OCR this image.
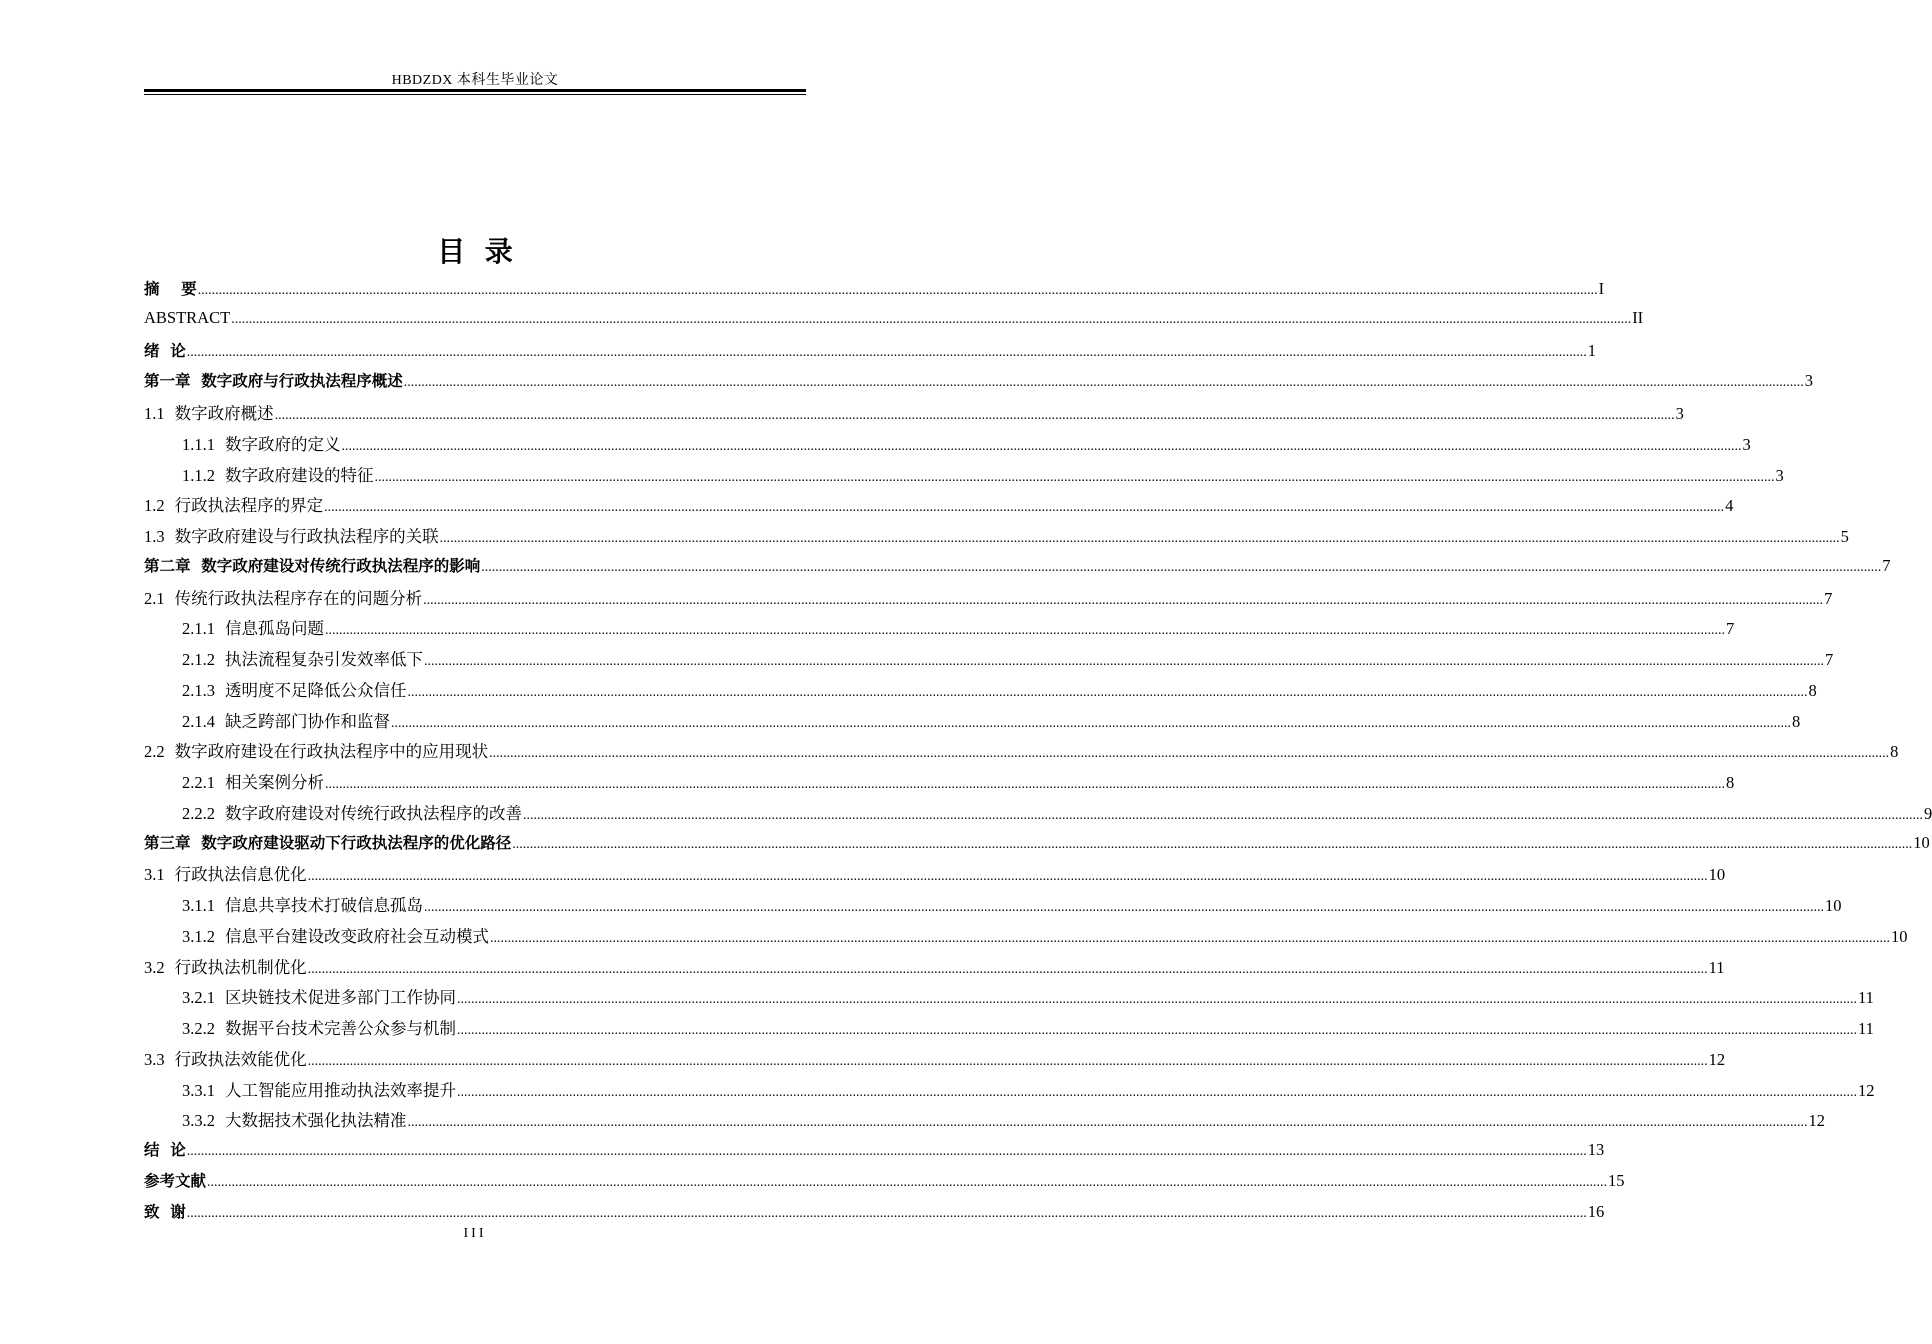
HBDZDX 本科生毕业论文
目  录
摘    要 ................................................................................................................................................................................................................................................................................................................................................................................................................ I
ABSTRACT ................................................................................................................................................................................................................................................................................................................................................................................................................ II
绪  论 ................................................................................................................................................................................................................................................................................................................................................................................................................ 1
第一章  数字政府与行政执法程序概述 ................................................................................................................................................................................................................................................................................................................................................................................................................ 3
1.1 数字政府概述 ................................................................................................................................................................................................................................................................................................................................................................................................................ 3
1.1.1 数字政府的定义 ................................................................................................................................................................................................................................................................................................................................................................................................................ 3
1.1.2 数字政府建设的特征 ................................................................................................................................................................................................................................................................................................................................................................................................................ 3
1.2 行政执法程序的界定 ................................................................................................................................................................................................................................................................................................................................................................................................................ 4
1.3 数字政府建设与行政执法程序的关联 ................................................................................................................................................................................................................................................................................................................................................................................................................ 5
第二章  数字政府建设对传统行政执法程序的影响 ................................................................................................................................................................................................................................................................................................................................................................................................................ 7
2.1 传统行政执法程序存在的问题分析 ................................................................................................................................................................................................................................................................................................................................................................................................................ 7
2.1.1 信息孤岛问题 ................................................................................................................................................................................................................................................................................................................................................................................................................ 7
2.1.2 执法流程复杂引发效率低下 ................................................................................................................................................................................................................................................................................................................................................................................................................ 7
2.1.3 透明度不足降低公众信任 ................................................................................................................................................................................................................................................................................................................................................................................................................ 8
2.1.4 缺乏跨部门协作和监督 ................................................................................................................................................................................................................................................................................................................................................................................................................ 8
2.2 数字政府建设在行政执法程序中的应用现状 ................................................................................................................................................................................................................................................................................................................................................................................................................ 8
2.2.1 相关案例分析 ................................................................................................................................................................................................................................................................................................................................................................................................................ 8
2.2.2 数字政府建设对传统行政执法程序的改善 ................................................................................................................................................................................................................................................................................................................................................................................................................ 9
第三章  数字政府建设驱动下行政执法程序的优化路径 ................................................................................................................................................................................................................................................................................................................................................................................................................ 10
3.1 行政执法信息优化 ................................................................................................................................................................................................................................................................................................................................................................................................................ 10
3.1.1 信息共享技术打破信息孤岛 ................................................................................................................................................................................................................................................................................................................................................................................................................ 10
3.1.2 信息平台建设改变政府社会互动模式 ................................................................................................................................................................................................................................................................................................................................................................................................................ 10
3.2 行政执法机制优化 ................................................................................................................................................................................................................................................................................................................................................................................................................ 11
3.2.1 区块链技术促进多部门工作协同 ................................................................................................................................................................................................................................................................................................................................................................................................................ 11
3.2.2 数据平台技术完善公众参与机制 ................................................................................................................................................................................................................................................................................................................................................................................................................ 11
3.3 行政执法效能优化 ................................................................................................................................................................................................................................................................................................................................................................................................................ 12
3.3.1 人工智能应用推动执法效率提升 ................................................................................................................................................................................................................................................................................................................................................................................................................ 12
3.3.2 大数据技术强化执法精准 ................................................................................................................................................................................................................................................................................................................................................................................................................ 12
结  论 ................................................................................................................................................................................................................................................................................................................................................................................................................ 13
参考文献 ................................................................................................................................................................................................................................................................................................................................................................................................................ 15
致  谢 ................................................................................................................................................................................................................................................................................................................................................................................................................ 16
III
